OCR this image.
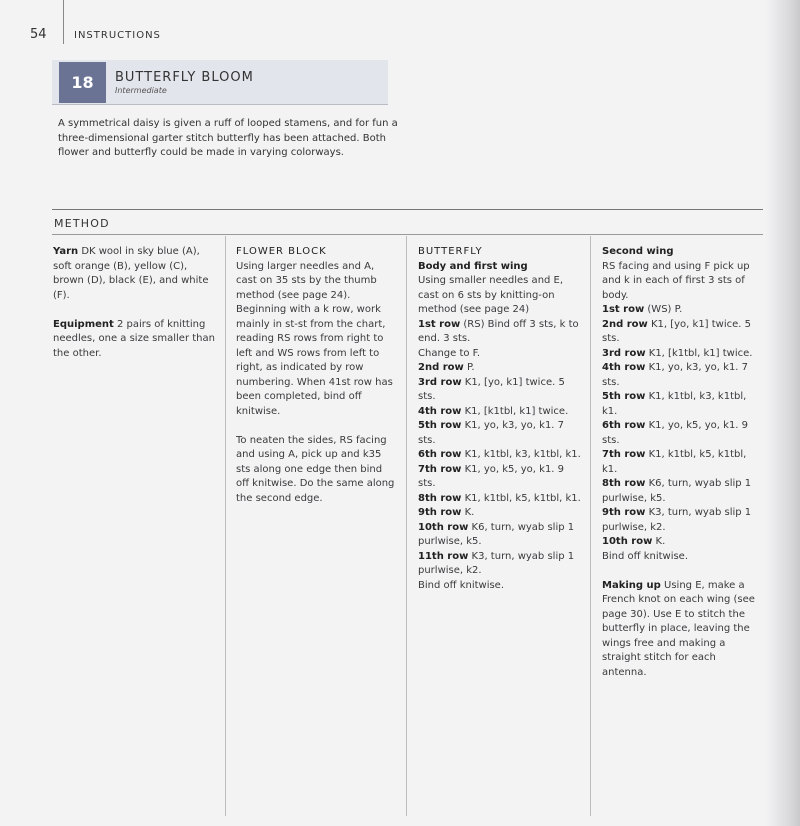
54	INSTRUCTIONS
18	BUTTERFLY BLOOM
Intermediate
A symmetrical daisy is given a ruff of looped stamens, and for fun a three-dimensional garter stitch butterfly has been attached. Both flower and butterfly could be made in varying colorways.
METHOD

Yarn DK wool in sky blue (A), soft orange (B), yellow (C), brown (D), black (E), and white (F).

Equipment 2 pairs of knitting needles, one a size smaller than the other.

FLOWER BLOCK

Using larger needles and A, cast on 35 sts by the thumb method (see page 24).

Beginning with a k row, work mainly in st-st from the chart, reading RS rows from right to left and WS rows from left to right, as indicated by row numbering. When 41st row has been completed, bind off knitwise.

To neaten the sides, RS facing and using A, pick up and k35 sts along one edge then bind off knitwise. Do the same along the second edge.

BUTTERFLY

Body and first wing

Using smaller needles and E, cast on 6 sts by knitting-on method (see page 24)

1st row (RS) Bind off 3 sts, k to end. 3 sts.

Change to F.

2nd row P.

3rd row K1, [yo, k1] twice. 5 sts.

4th row K1, [k1tbl, k1] twice.

5th row K1, yo, k3, yo, k1. 7 sts.

6th row K1, k1tbl, k3, k1tbl, k1.

7th row K1, yo, k5, yo, k1. 9 sts.

8th row K1, k1tbl, k5, k1tbl, k1.

9th row K.

10th row K6, turn, wyab slip 1 purlwise, k5.

11th row K3, turn, wyab slip 1 purlwise, k2.

Bind off knitwise.

Second wing

RS facing and using F pick up and k in each of first 3 sts of body.

1st row (WS) P.

2nd row K1, [yo, k1] twice. 5 sts.

3rd row K1, [k1tbl, k1] twice.

4th row K1, yo, k3, yo, k1. 7 sts.

5th row K1, k1tbl, k3, k1tbl, k1.

6th row K1, yo, k5, yo, k1. 9 sts.

7th row K1, k1tbl, k5, k1tbl, k1.

8th row K6, turn, wyab slip 1 purlwise, k5.

9th row K3, turn, wyab slip 1 purlwise, k2.

10th row K.

Bind off knitwise.

Making up Using E, make a French knot on each wing (see page 30). Use E to stitch the butterfly in place, leaving the wings free and making a straight stitch for each antenna.
